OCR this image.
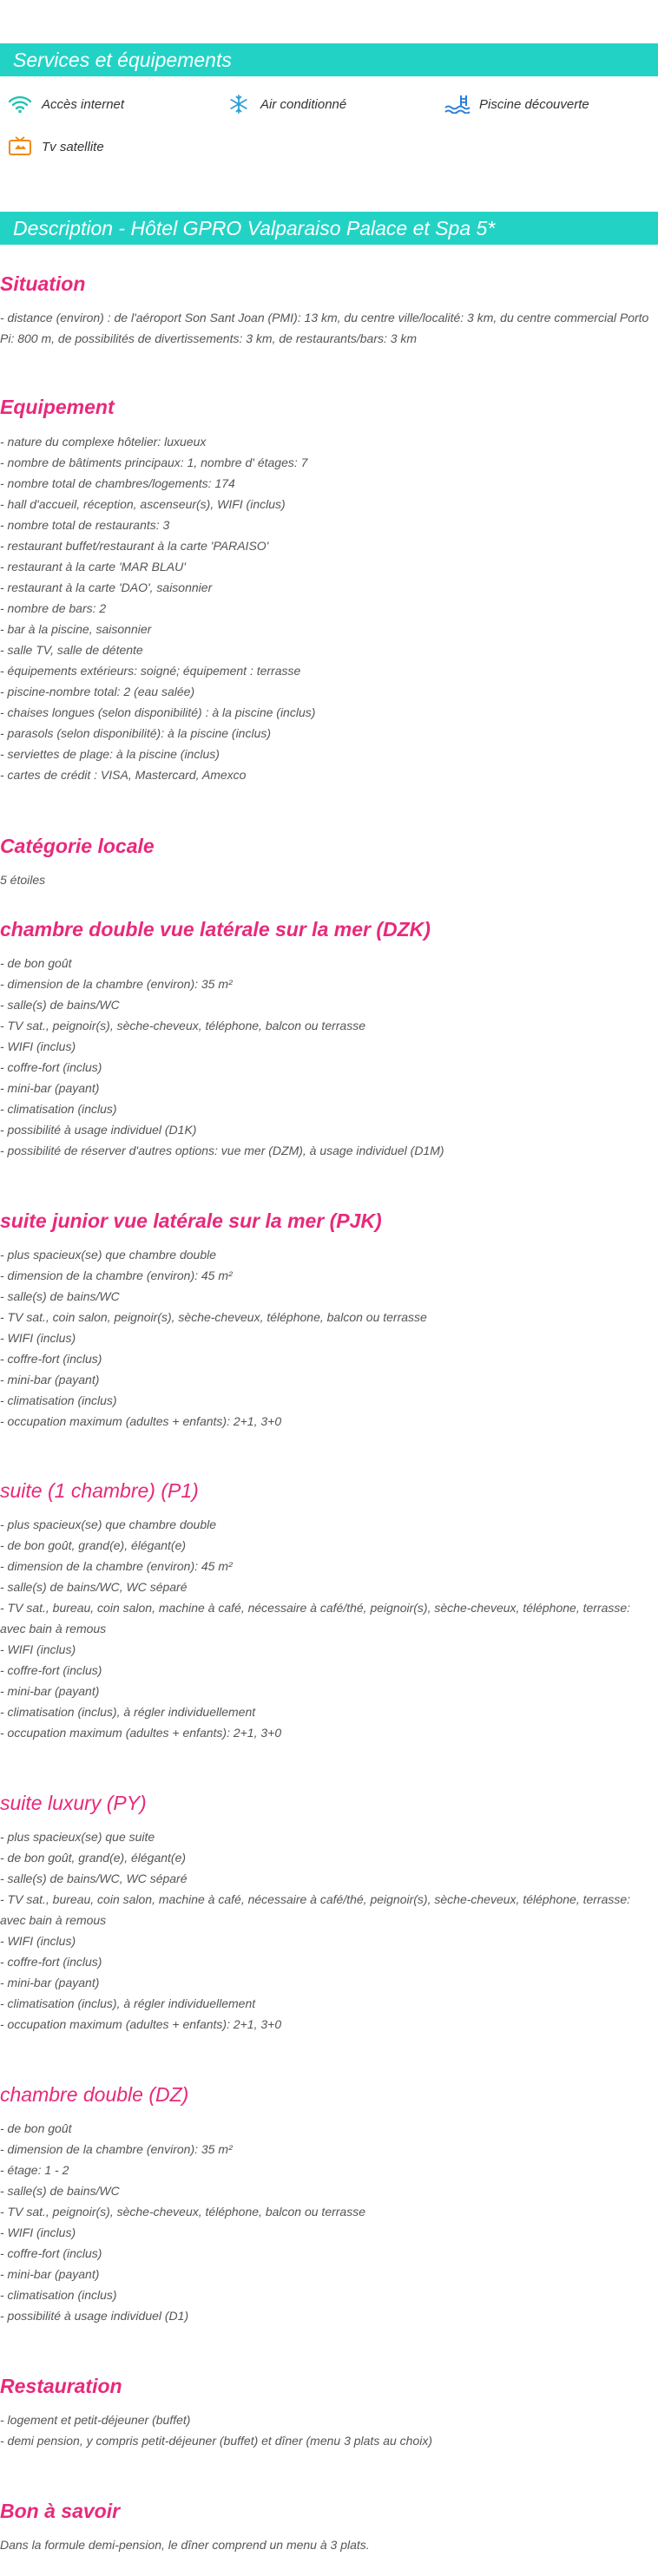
Services et équipements
Accès internet	Air conditionné	Piscine découverte
Tv satellite
Description - Hôtel GPRO Valparaiso Palace et Spa 5*
Situation

- distance (environ) : de l'aéroport Son Sant Joan (PMI): 13 km, du centre ville/localité: 3 km, du centre commercial Porto Pi: 800 m, de possibilités de divertissements: 3 km, de restaurants/bars: 3 km

Equipement
- nature du complexe hôtelier: luxueux
- nombre de bâtiments principaux: 1, nombre d' étages: 7
- nombre total de chambres/logements: 174
- hall d'accueil, réception, ascenseur(s), WIFI (inclus)
- nombre total de restaurants: 3
- restaurant buffet/restaurant à la carte 'PARAISO'
- restaurant à la carte 'MAR BLAU'
- restaurant à la carte 'DAO', saisonnier
- nombre de bars: 2
- bar à la piscine, saisonnier
- salle TV, salle de détente
- équipements extérieurs: soigné; équipement : terrasse
- piscine-nombre total: 2 (eau salée)
- chaises longues (selon disponibilité) : à la piscine (inclus)
- parasols (selon disponibilité): à la piscine (inclus)
- serviettes de plage: à la piscine (inclus)
- cartes de crédit : VISA, Mastercard, Amexco
Catégorie locale

5 étoiles

chambre double vue latérale sur la mer (DZK)
- de bon goût
- dimension de la chambre (environ): 35 m²
- salle(s) de bains/WC
- TV sat., peignoir(s), sèche-cheveux, téléphone, balcon ou terrasse
- WIFI (inclus)
- coffre-fort (inclus)
- mini-bar (payant)
- climatisation (inclus)
- possibilité à usage individuel (D1K)
- possibilité de réserver d'autres options: vue mer (DZM), à usage individuel (D1M)
suite junior vue latérale sur la mer (PJK)
- plus spacieux(se) que chambre double
- dimension de la chambre (environ): 45 m²
- salle(s) de bains/WC
- TV sat., coin salon, peignoir(s), sèche-cheveux, téléphone, balcon ou terrasse
- WIFI (inclus)
- coffre-fort (inclus)
- mini-bar (payant)
- climatisation (inclus)
- occupation maximum (adultes + enfants): 2+1, 3+0
suite (1 chambre) (P1)
- plus spacieux(se) que chambre double
- de bon goût, grand(e), élégant(e)
- dimension de la chambre (environ): 45 m²
- salle(s) de bains/WC, WC séparé
- TV sat., bureau, coin salon, machine à café, nécessaire à café/thé, peignoir(s), sèche-cheveux, téléphone, terrasse: avec bain à remous
- WIFI (inclus)
- coffre-fort (inclus)
- mini-bar (payant)
- climatisation (inclus), à régler individuellement
- occupation maximum (adultes + enfants): 2+1, 3+0
suite luxury (PY)
- plus spacieux(se) que suite
- de bon goût, grand(e), élégant(e)
- salle(s) de bains/WC, WC séparé
- TV sat., bureau, coin salon, machine à café, nécessaire à café/thé, peignoir(s), sèche-cheveux, téléphone, terrasse: avec bain à remous
- WIFI (inclus)
- coffre-fort (inclus)
- mini-bar (payant)
- climatisation (inclus), à régler individuellement
- occupation maximum (adultes + enfants): 2+1, 3+0
chambre double (DZ)
- de bon goût
- dimension de la chambre (environ): 35 m²
- étage: 1 - 2
- salle(s) de bains/WC
- TV sat., peignoir(s), sèche-cheveux, téléphone, balcon ou terrasse
- WIFI (inclus)
- coffre-fort (inclus)
- mini-bar (payant)
- climatisation (inclus)
- possibilité à usage individuel (D1)
Restauration
- logement et petit-déjeuner (buffet)
- demi pension, y compris petit-déjeuner (buffet) et dîner (menu 3 plats au choix)
Bon à savoir

Dans la formule demi-pension, le dîner comprend un menu à 3 plats.
